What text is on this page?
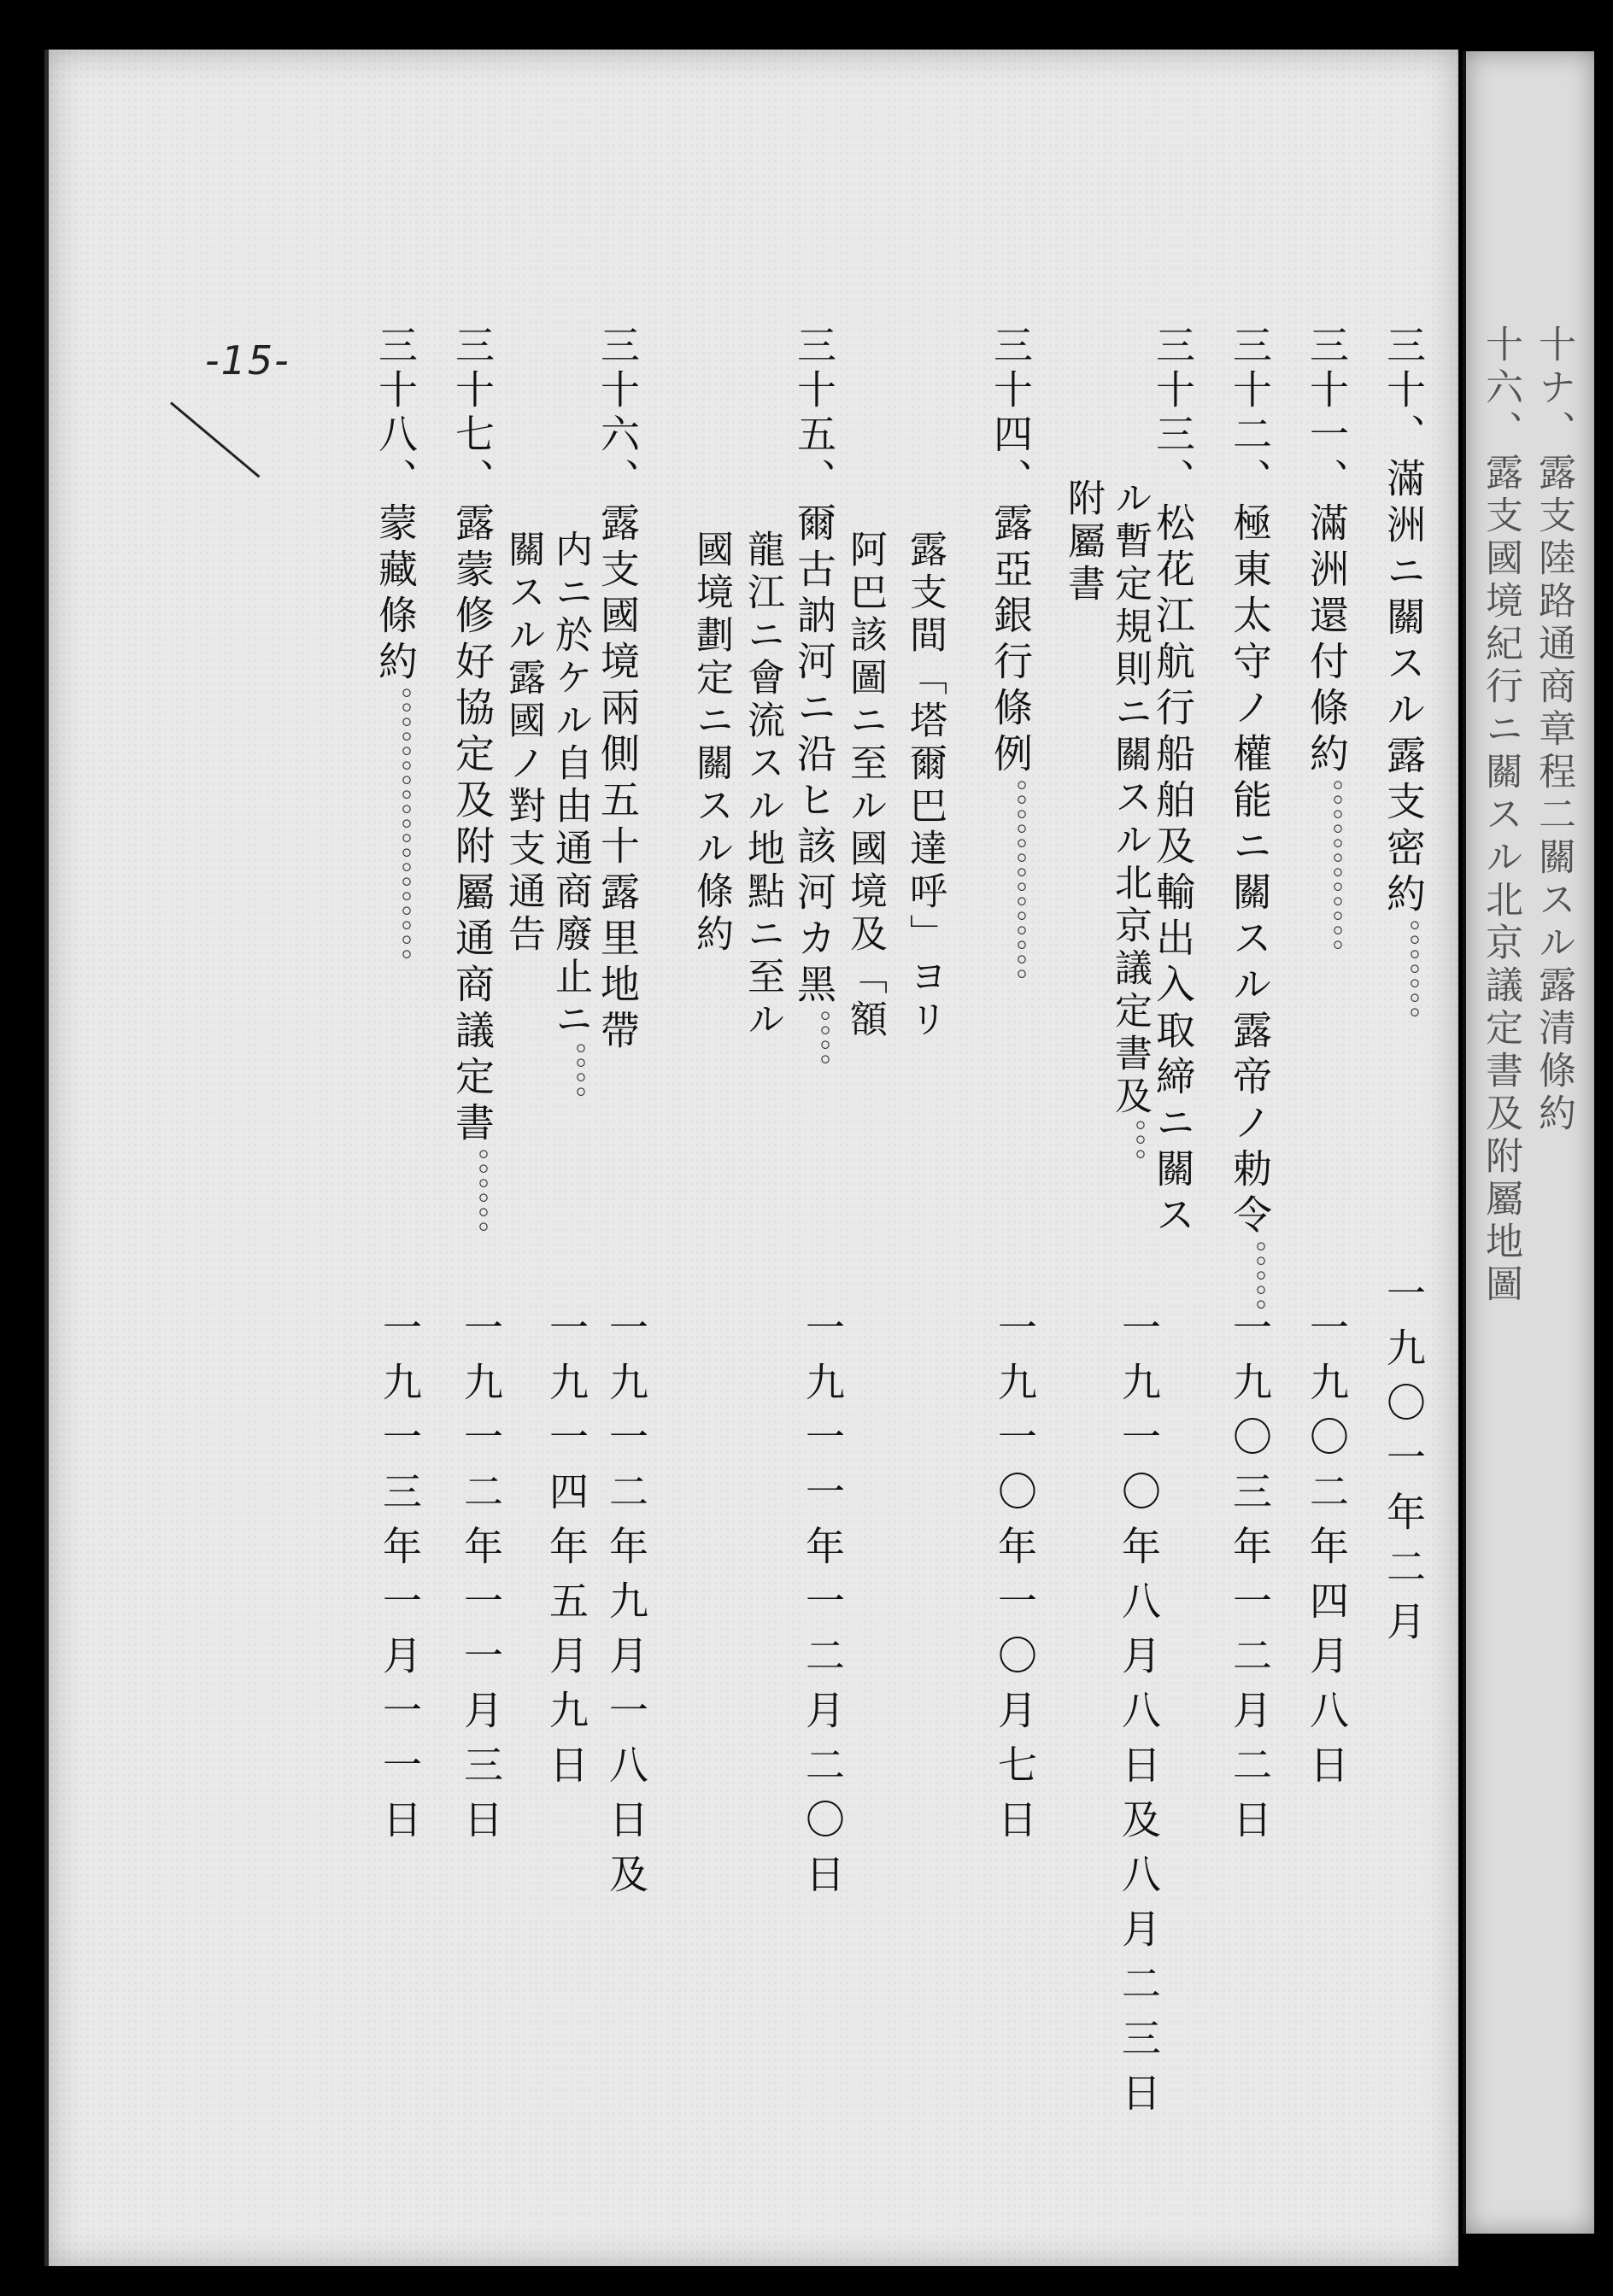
十ナ、露支陸路通商章程二關スル露清條約
十六、露支國境紀行ニ關スル北京議定書及附屬地圖
-15-	三十、滿洲ニ關スル露支密約。。。。。。。
一九〇一年二月
三十一、滿洲還付條約。。。。。。。。。。。。
一九〇二年四月八日
三十二、極東太守ノ權能ニ關スル露帝ノ勅令。。。。。
一九〇三年一二月二日
三十三、松花江航行船舶及輸出入取締ニ關ス
ル暫定規則ニ關スル北京議定書及。。。
附屬書
一九一〇年八月八日及八月二三日
三十四、露亞銀行條例。。。。。。。。。。。。。。
一九一〇年一〇月七日
露支間「塔爾巴達呼」ヨリ
阿巴該圖ニ至ル國境及「額
三十五、爾古訥河ニ沿ヒ該河カ黑。。。。
龍江ニ會流スル地點ニ至ル
國境劃定ニ關スル條約
一九一一年一二月二〇日
三十六、露支國境兩側五十露里地帶
内ニ於ケル自由通商廢止ニ。。。。
關スル露國ノ對支通告
一九一二年九月一八日及
一九一四年五月九日
三十七、露蒙修好協定及附屬通商議定書。。。。。。
一九一二年一一月三日
三十八、蒙藏條約。。。。。。。。。。。。。。。。。。。
一九一三年一月一一日
